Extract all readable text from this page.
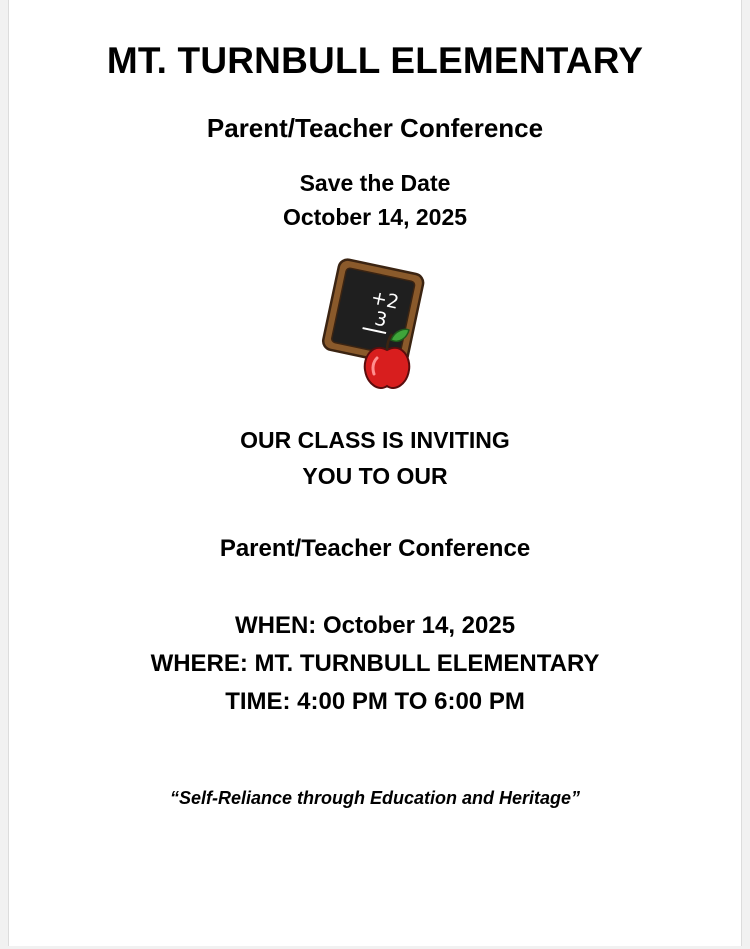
MT. TURNBULL ELEMENTARY
Parent/Teacher Conference
Save the Date
October 14, 2025
+2
3
OUR CLASS IS INVITING
YOU TO OUR
Parent/Teacher Conference
WHEN: October 14, 2025
WHERE: MT. TURNBULL ELEMENTARY
TIME: 4:00 PM TO 6:00 PM
“Self-Reliance through Education and Heritage”
